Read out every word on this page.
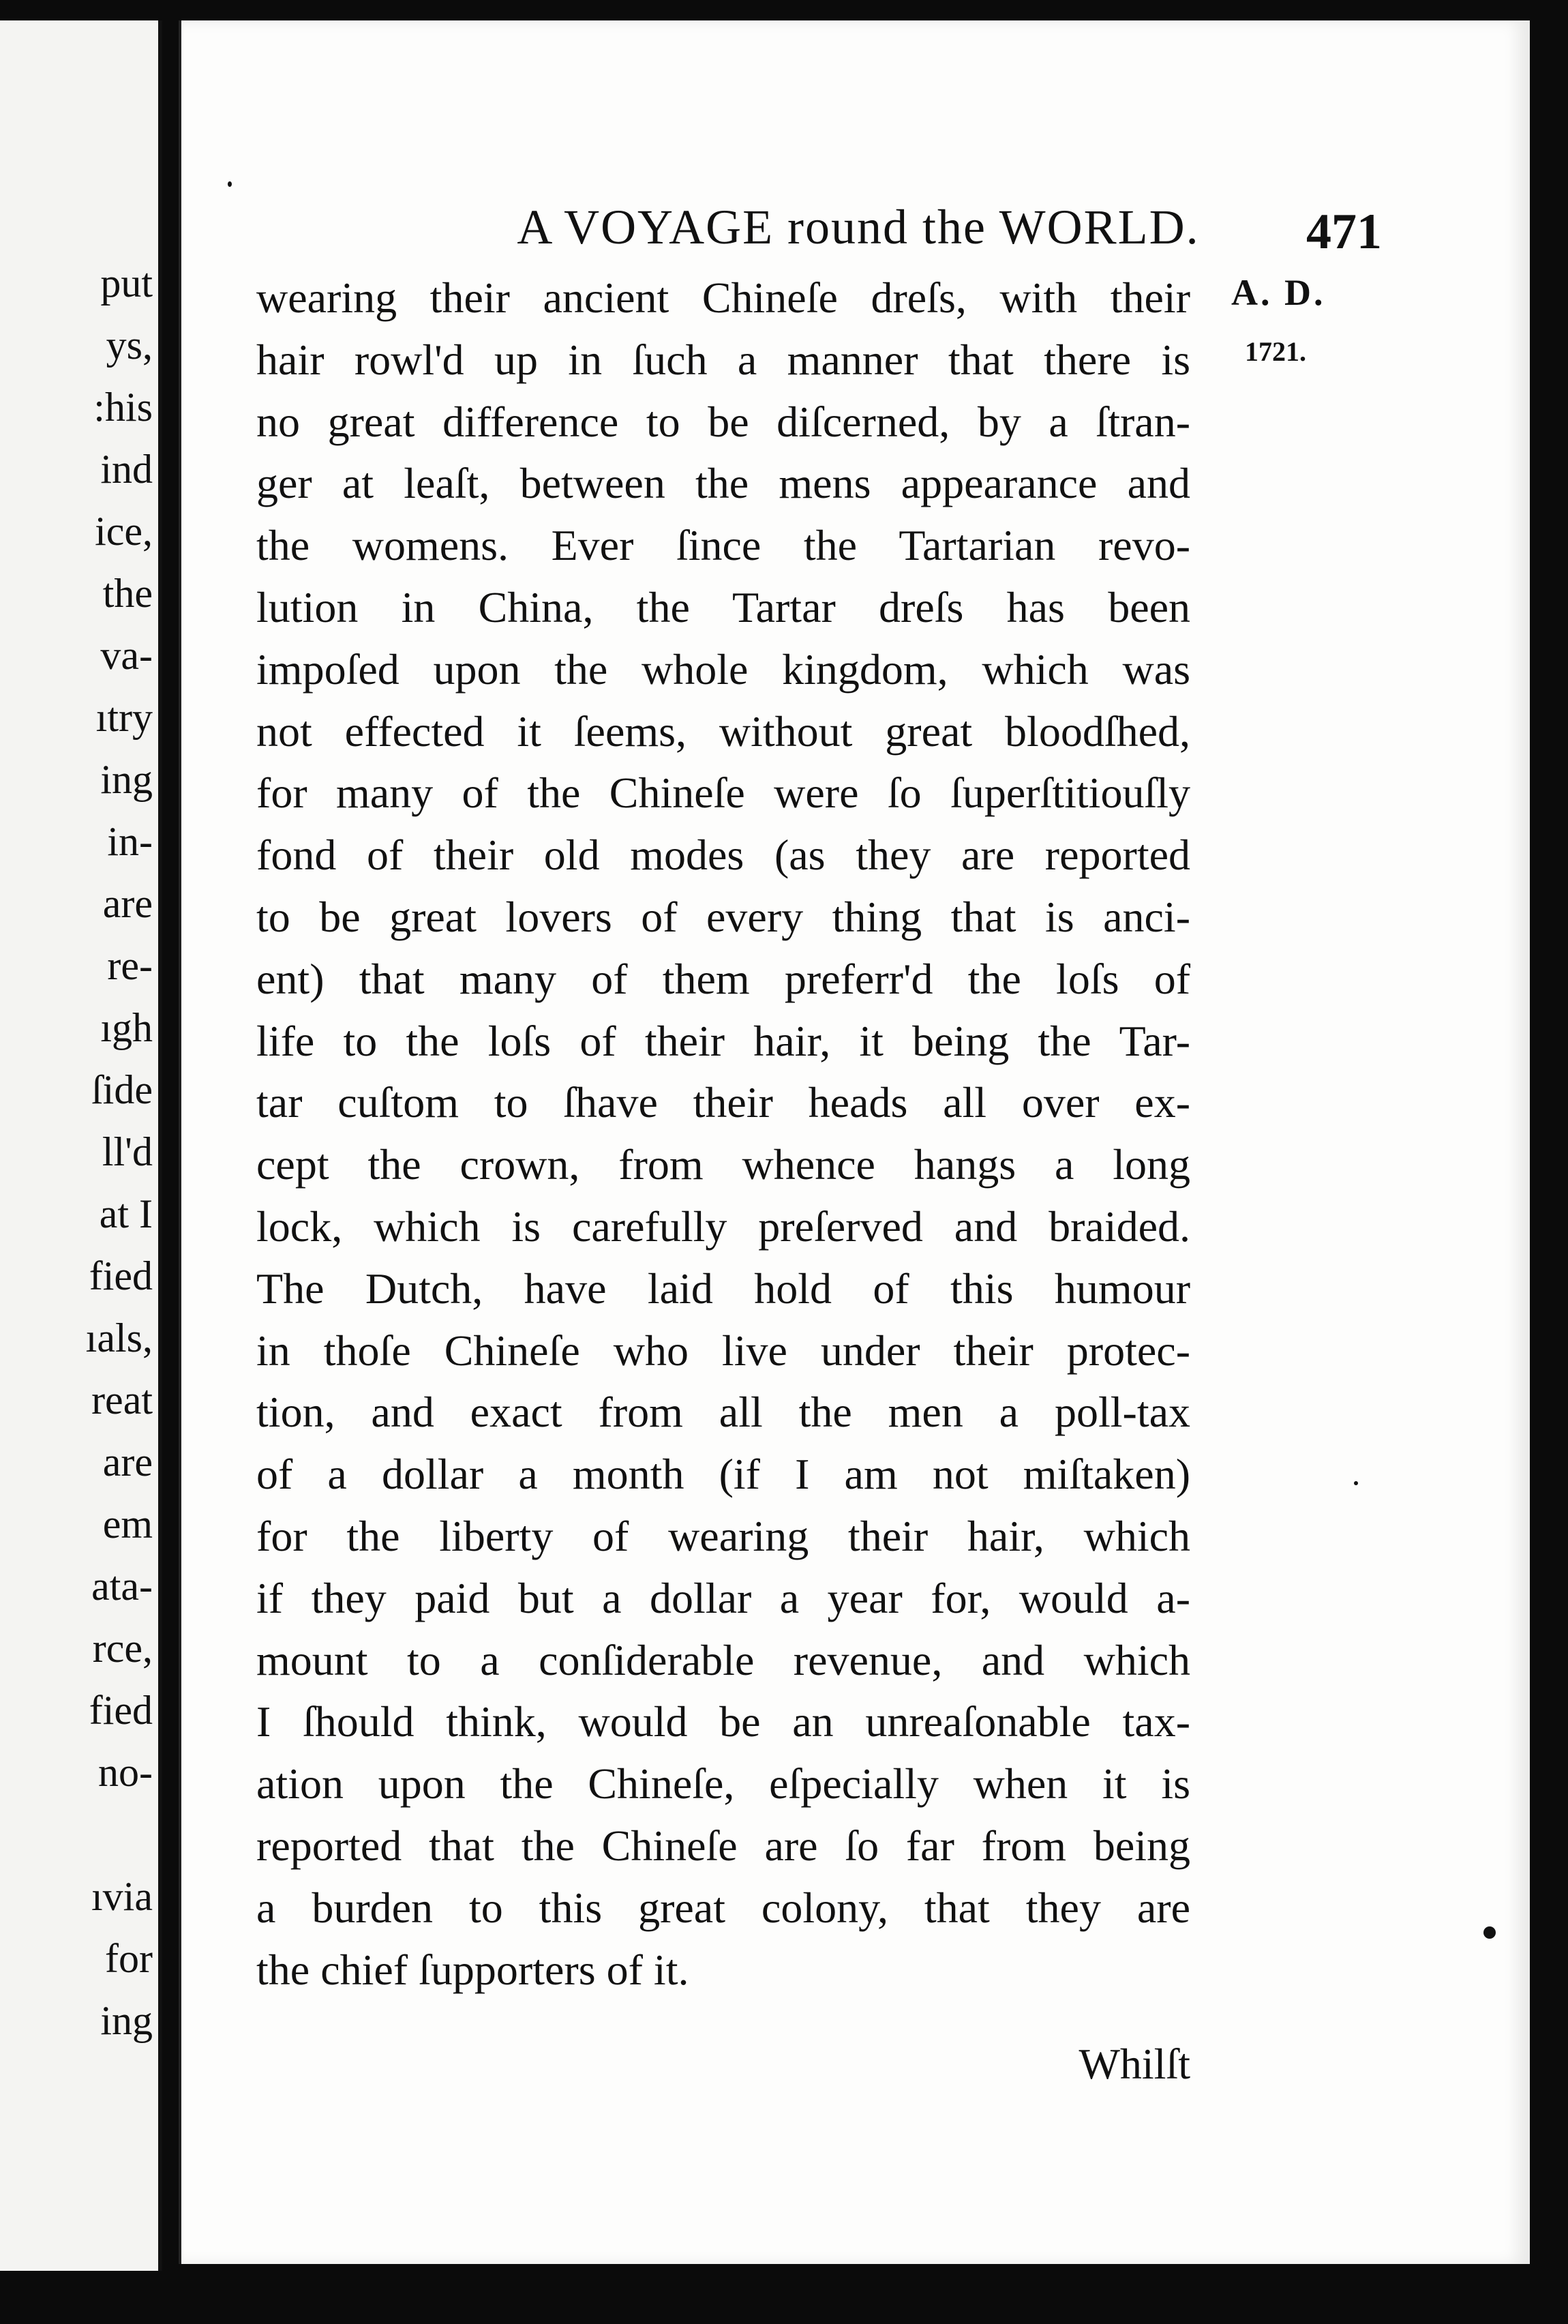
put
ys,
:his
ind
ice,
the
va-
ıtry
ing
in-
are
re-
ıgh
ſide
ll'd
at I
fied
ıals,
reat
are
em
ata-
rce,
fied
no-
ıvia
for
ing
A VOYAGE round the WORLD.	471
A. D.
1721.
wearing their ancient Chineſe dreſs, with their
hair rowl'd up in ſuch a manner that there is
no great difference to be diſcerned, by a ſtran-
ger at leaſt, between the mens appearance and
the womens. Ever ſince the Tartarian revo-
lution in China, the Tartar dreſs has been
impoſed upon the whole kingdom, which was
not effected it ſeems, without great bloodſhed,
for many of the Chineſe were ſo ſuperſtitiouſly
fond of their old modes (as they are reported
to be great lovers of every thing that is anci-
ent) that many of them preferr'd the loſs of
life to the loſs of their hair, it being the Tar-
tar cuſtom to ſhave their heads all over ex-
cept the crown, from whence hangs a long
lock, which is carefully preſerved and braided.
The Dutch, have laid hold of this humour
in thoſe Chineſe who live under their protec-
tion, and exact from all the men a poll-tax
of a dollar a month (if I am not miſtaken)
for the liberty of wearing their hair, which
if they paid but a dollar a year for, would a-
mount to a conſiderable revenue, and which
I ſhould think, would be an unreaſonable tax-
ation upon the Chineſe, eſpecially when it is
reported that the Chineſe are ſo far from being
a burden to this great colony, that they are
the chief ſupporters of it.
Whilſt
